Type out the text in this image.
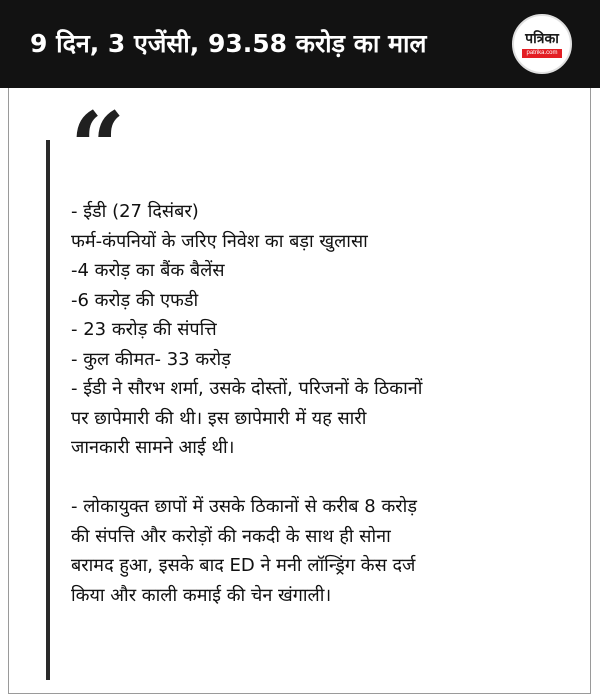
9 दिन, 3 एजेंसी, 93.58 करोड़ का माल	पत्रिका
patrika.com
“

- ईडी (27 दिसंबर)

फर्म-कंपनियों के जरिए निवेश का बड़ा खुलासा

-4 करोड़ का बैंक बैलेंस

-6 करोड़ की एफडी

- 23 करोड़ की संपत्ति

- कुल कीमत- 33 करोड़

- ईडी ने सौरभ शर्मा, उसके दोस्तों, परिजनों के ठिकानों

पर छापेमारी की थी। इस छापेमारी में यह सारी

जानकारी सामने आई थी।

- लोकायुक्त छापों में उसके ठिकानों से करीब 8 करोड़

की संपत्ति और करोड़ों की नकदी के साथ ही सोना

बरामद हुआ, इसके बाद ED ने मनी लॉन्ड्रिंग केस दर्ज

किया और काली कमाई की चेन खंगाली।
